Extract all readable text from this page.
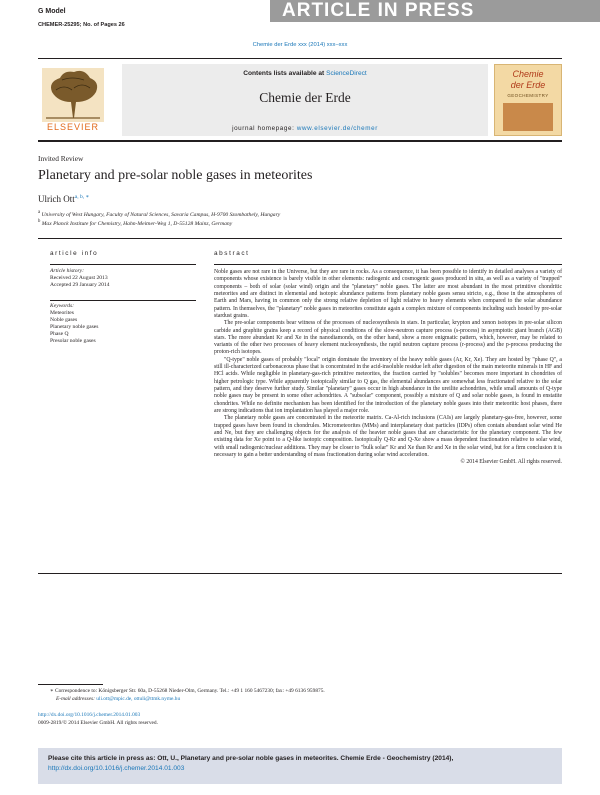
G Model
CHEMER-25295; No. of Pages 26
ARTICLE IN PRESS
Chemie der Erde xxx (2014) xxx–xxx
ELSEVIER
Contents lists available at ScienceDirect
Chemie der Erde
journal homepage: www.elsevier.de/chemer
Chemie
der Erde
GEOCHEMISTRY
Invited Review
Planetary and pre-solar noble gases in meteorites
Ulrich Ott$^{a, b, ∗}$
$^a$ University of West Hungary, Faculty of Natural Sciences, Savaria Campus, H-9700 Szombathely, Hungary
$^b$ Max Planck Institute for Chemistry, Hahn-Meitner-Weg 1, D-55128 Mainz, Germany
article info
Article history:
Received 22 August 2013
Accepted 29 January 2014
Keywords:
Meteorites
Noble gases
Planetary noble gases
Phase Q
Presolar noble gases
abstract

Noble gases are not rare in the Universe, but they are rare in rocks. As a consequence, it has been possible to identify in detailed analyses a variety of components whose existence is barely visible in other elements: radiogenic and cosmogenic gases produced in situ, as well as a variety of "trapped" components – both of solar (solar wind) origin and the "planetary" noble gases. The latter are most abundant in the most primitive chondritic meteorites and are distinct in elemental and isotopic abundance patterns from planetary noble gases sensu stricto, e.g., those in the atmospheres of Earth and Mars, having in common only the strong relative depletion of light relative to heavy elements when compared to the solar abundance pattern. In themselves, the "planetary" noble gases in meteorites constitute again a complex mixture of components including such hosted by pre-solar stardust grains.

The pre-solar components bear witness of the processes of nucleosynthesis in stars. In particular, krypton and xenon isotopes in pre-solar silicon carbide and graphite grains keep a record of physical conditions of the slow-neutron capture process (s-process) in asymptotic giant branch (AGB) stars. The more abundant Kr and Xe in the nanodiamonds, on the other hand, show a more enigmatic pattern, which, however, may be related to variants of the other two processes of heavy element nucleosynthesis, the rapid neutron capture process (r-process) and the p-process producing the proton-rich isotopes.

"Q-type" noble gases of probably "local" origin dominate the inventory of the heavy noble gases (Ar, Kr, Xe). They are hosted by "phase Q", a still ill-characterized carbonaceous phase that is concentrated in the acid-insoluble residue left after digestion of the main meteorite minerals in HF and HCl acids. While negligible in planetary-gas-rich primitive meteorites, the fraction carried by "solubles" becomes more important in chondrites of higher petrologic type. While apparently isotopically similar to Q gas, the elemental abundances are somewhat less fractionated relative to the solar pattern, and they deserve further study. Similar "planetary" gases occur in high abundance in the ureilite achondrites, while small amounts of Q-type noble gases may be present in some other achondrites. A "subsolar" component, possibly a mixture of Q and solar noble gases, is found in enstatite chondrites. While no definite mechanism has been identified for the introduction of the planetary noble gases into their meteoritic host phases, there are strong indications that ion implantation has played a major role.

The planetary noble gases are concentrated in the meteorite matrix. Ca-Al-rich inclusions (CAIs) are largely planetary-gas-free, however, some trapped gases have been found in chondrules. Micrometeorites (MMs) and interplanetary dust particles (IDPs) often contain abundant solar wind He and Ne, but they are challenging objects for the analysis of the heavier noble gases that are characteristic for the planetary component. The few existing data for Xe point to a Q-like isotopic composition. Isotopically Q-Kr and Q-Xe show a mass dependent fractionation relative to solar wind, with small radiogenic/nuclear additions. They may be closer to "bulk solar" Kr and Xe than Kr and Xe in the solar wind, but for a firm conclusion it is necessary to gain a better understanding of mass fractionation during solar wind acceleration.

© 2014 Elsevier GmbH. All rights reserved.

∗ Correspondence to: Königsberger Str. 60a, D-55268 Nieder-Olm, Germany. Tel.: +49 1 160 5467230; fax: +49 6136 959875.
E-mail addresses: uli.ott@mpic.de, ottuli@ttmk.nyme.hu
http://dx.doi.org/10.1016/j.chemer.2014.01.003
0009-2819/© 2014 Elsevier GmbH. All rights reserved.
Please cite this article in press as: Ott, U., Planetary and pre-solar noble gases in meteorites. Chemie Erde - Geochemistry (2014),
http://dx.doi.org/10.1016/j.chemer.2014.01.003
